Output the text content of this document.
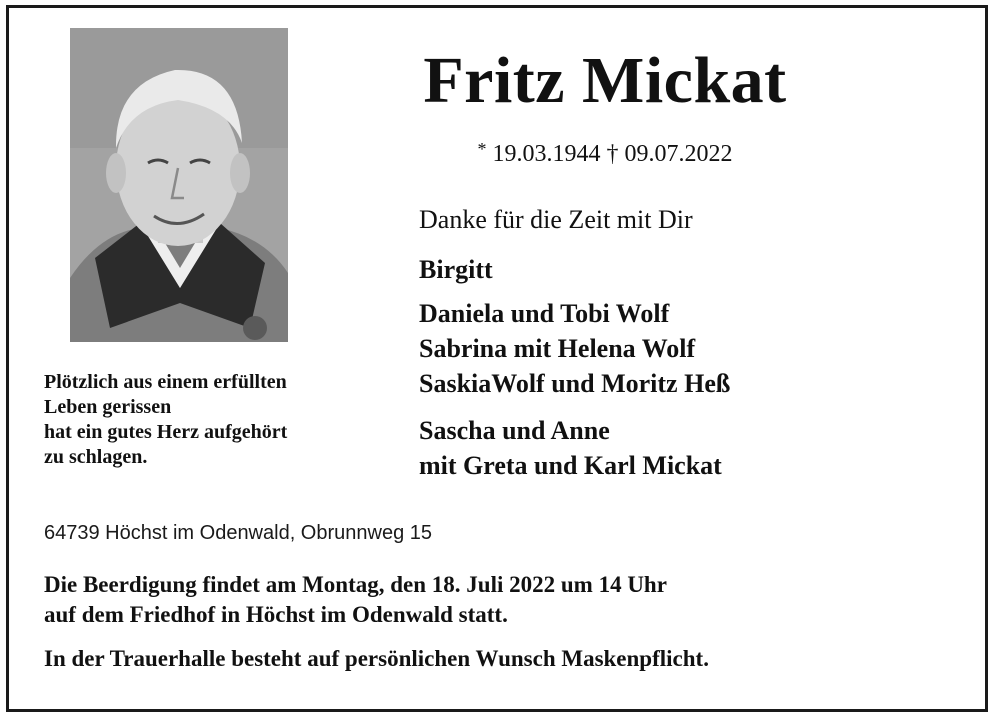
Fritz Mickat
* 19.03.1944 † 09.07.2022
Danke für die Zeit mit Dir
Birgitt
Daniela und Tobi Wolf
Sabrina mit Helena Wolf
SaskiaWolf und Moritz Heß
Sascha und Anne
mit Greta und Karl Mickat
Plötzlich aus einem erfüllten
Leben gerissen
hat ein gutes Herz aufgehört
zu schlagen.
64739 Höchst im Odenwald, Obrunnweg 15
Die Beerdigung findet am Montag, den 18. Juli 2022 um 14 Uhr
auf dem Friedhof in Höchst im Odenwald statt.
In der Trauerhalle besteht auf persönlichen Wunsch Maskenpflicht.
